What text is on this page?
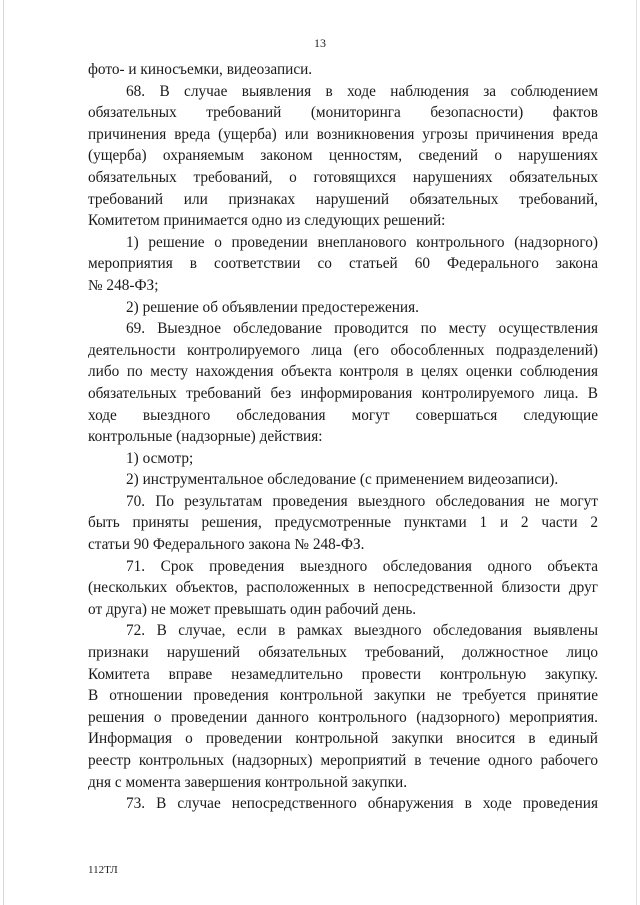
13
фото- и киносъемки, видеозаписи.
68. В случае выявления в ходе наблюдения за соблюдением
обязательных требований (мониторинга безопасности) фактов
причинения вреда (ущерба) или возникновения угрозы причинения вреда
(ущерба) охраняемым законом ценностям, сведений о нарушениях
обязательных требований, о готовящихся нарушениях обязательных
требований или признаках нарушений обязательных требований,
Комитетом принимается одно из следующих решений:
1) решение о проведении внепланового контрольного (надзорного)
мероприятия в соответствии со статьей 60 Федерального закона
№ 248-ФЗ;
2) решение об объявлении предостережения.
69. Выездное обследование проводится по месту осуществления
деятельности контролируемого лица (его обособленных подразделений)
либо по месту нахождения объекта контроля в целях оценки соблюдения
обязательных требований без информирования контролируемого лица. В
ходе выездного обследования могут совершаться следующие
контрольные (надзорные) действия:
1) осмотр;
2) инструментальное обследование (с применением видеозаписи).
70. По результатам проведения выездного обследования не могут
быть приняты решения, предусмотренные пунктами 1 и 2 части 2
статьи 90 Федерального закона № 248-ФЗ.
71. Срок проведения выездного обследования одного объекта
(нескольких объектов, расположенных в непосредственной близости друг
от друга) не может превышать один рабочий день.
72. В случае, если в рамках выездного обследования выявлены
признаки нарушений обязательных требований, должностное лицо
Комитета вправе незамедлительно провести контрольную закупку.
В отношении проведения контрольной закупки не требуется принятие
решения о проведении данного контрольного (надзорного) мероприятия.
Информация о проведении контрольной закупки вносится в единый
реестр контрольных (надзорных) мероприятий в течение одного рабочего
дня с момента завершения контрольной закупки.
73. В случае непосредственного обнаружения в ходе проведения
112ТЛ
